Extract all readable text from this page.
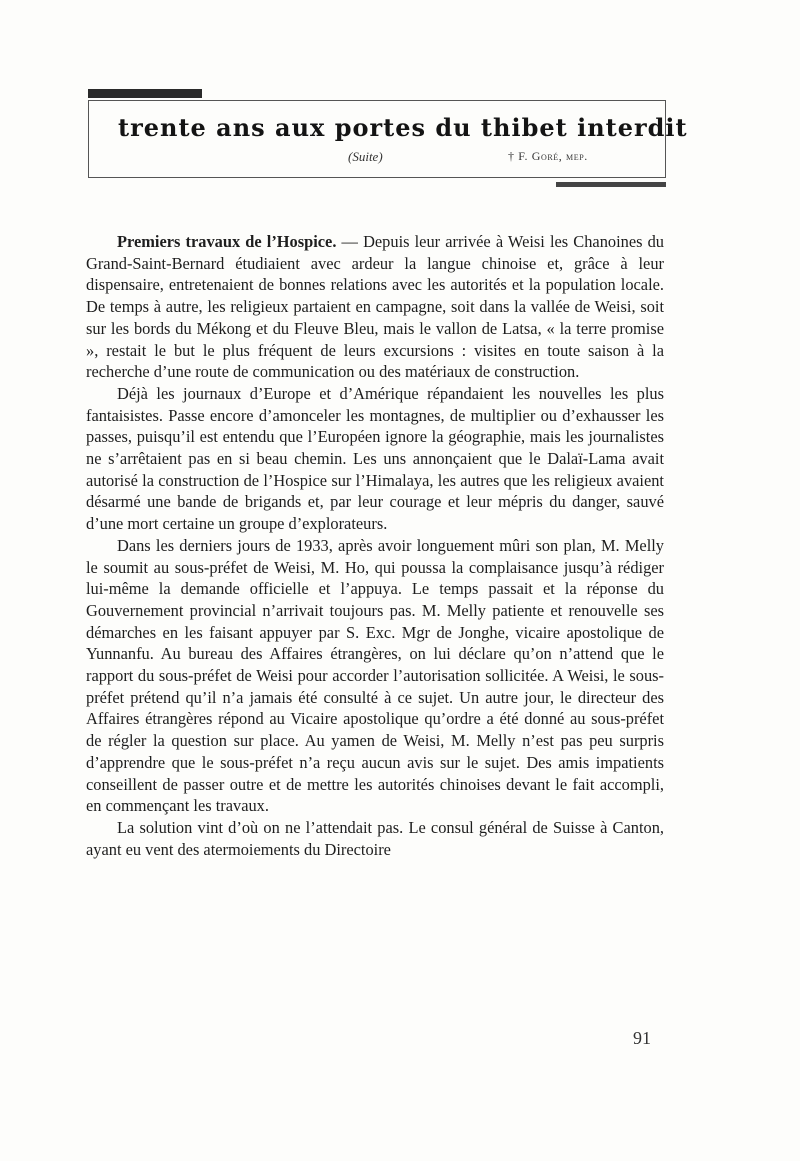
trente ans aux portes du thibet interdit
(Suite)	† F. Goré, mep.

Premiers travaux de l’Hospice. — Depuis leur arrivée à Weisi les Chanoines du Grand-Saint-Bernard étudiaient avec ardeur la langue chinoise et, grâce à leur dispensaire, entretenaient de bonnes relations avec les autorités et la population locale. De temps à autre, les religieux partaient en campagne, soit dans la vallée de Weisi, soit sur les bords du Mékong et du Fleuve Bleu, mais le vallon de Latsa, « la terre promise », restait le but le plus fréquent de leurs excursions : visites en toute saison à la recherche d’une route de communication ou des matériaux de construction.

Déjà les journaux d’Europe et d’Amérique répandaient les nouvelles les plus fantaisistes. Passe encore d’amonceler les montagnes, de multiplier ou d’exhausser les passes, puisqu’il est entendu que l’Européen ignore la géographie, mais les journalistes ne s’arrêtaient pas en si beau chemin. Les uns annonçaient que le Dalaï-Lama avait autorisé la construction de l’Hospice sur l’Himalaya, les autres que les religieux avaient désarmé une bande de brigands et, par leur courage et leur mépris du danger, sauvé d’une mort certaine un groupe d’explorateurs.

Dans les derniers jours de 1933, après avoir longuement mûri son plan, M. Melly le soumit au sous-préfet de Weisi, M. Ho, qui poussa la complaisance jusqu’à rédiger lui-même la demande officielle et l’appuya. Le temps passait et la réponse du Gouvernement provincial n’arrivait toujours pas. M. Melly patiente et renouvelle ses démarches en les faisant appuyer par S. Exc. Mgr de Jonghe, vicaire apostolique de Yunnanfu. Au bureau des Affaires étrangères, on lui déclare qu’on n’attend que le rapport du sous-préfet de Weisi pour accorder l’autorisation sollicitée. A Weisi, le sous-préfet prétend qu’il n’a jamais été consulté à ce sujet. Un autre jour, le directeur des Affaires étrangères répond au Vicaire apostolique qu’ordre a été donné au sous-préfet de régler la question sur place. Au yamen de Weisi, M. Melly n’est pas peu surpris d’apprendre que le sous-préfet n’a reçu aucun avis sur le sujet. Des amis impatients conseillent de passer outre et de mettre les autorités chinoises devant le fait accompli, en commençant les travaux.

La solution vint d’où on ne l’attendait pas. Le consul général de Suisse à Canton, ayant eu vent des atermoiements du Directoire

91
